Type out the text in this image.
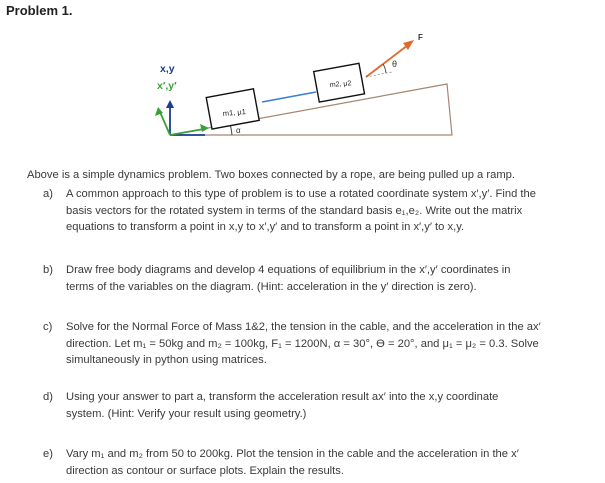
Problem 1.
α
x,y
x′,y′
m1, μ1
m2, μ2
F
θ
Above is a simple dynamics problem. Two boxes connected by a rope, are being pulled up a ramp.
a) A common approach to this type of problem is to use a rotated coordinate system x′,y′. Find the
basis vectors for the rotated system in terms of the standard basis e₁,e₂. Write out the matrix
equations to transform a point in x,y to x′,y′ and to transform a point in x′,y′ to x,y.
b) Draw free body diagrams and develop 4 equations of equilibrium in the x′,y′ coordinates in
terms of the variables on the diagram. (Hint: acceleration in the y′ direction is zero).
c) Solve for the Normal Force of Mass 1&2, the tension in the cable, and the acceleration in the ax′
direction. Let m₁ = 50kg and m₂ = 100kg, F₁ = 1200N, α = 30°, ϴ = 20°, and μ₁ = μ₂ = 0.3. Solve
simultaneously in python using matrices.
d) Using your answer to part a, transform the acceleration result ax′ into the x,y coordinate
system. (Hint: Verify your result using geometry.)
e) Vary m₁ and m₂ from 50 to 200kg. Plot the tension in the cable and the acceleration in the x′
direction as contour or surface plots. Explain the results.
